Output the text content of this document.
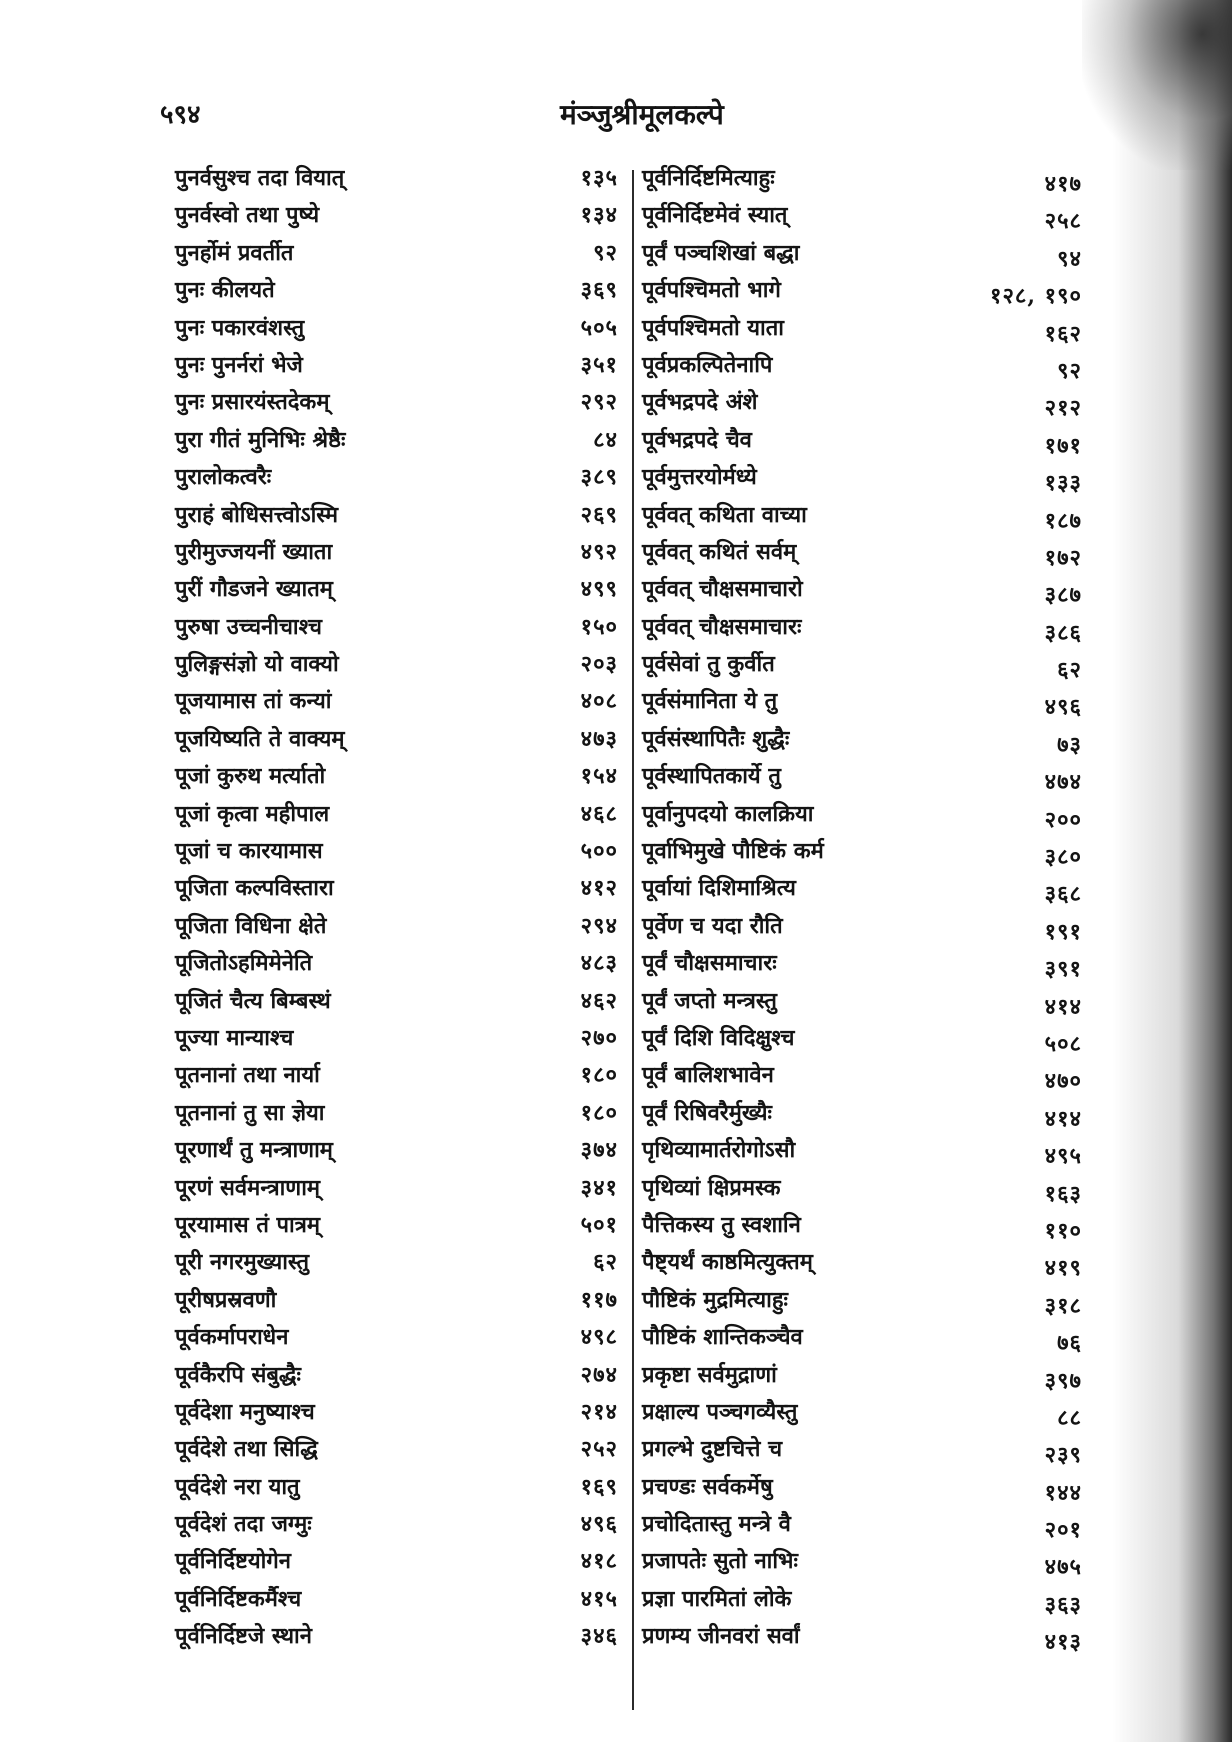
५९४	मंञ्जुश्रीमूलकल्पे
पुनर्वसुश्च तदा वियात्	१३५
पुनर्वस्वो तथा पुष्ये	१३४
पुनर्होमं प्रवर्तीत	९२
पुनः कीलयते	३६९
पुनः पकारवंशस्तु	५०५
पुनः पुनर्नरां भेजे	३५१
पुनः प्रसारयंस्तदेकम्	२९२
पुरा गीतं मुनिभिः श्रेष्ठैः	८४
पुरालोकत्वरैः	३८९
पुराहं बोधिसत्त्वोऽस्मि	२६९
पुरीमुज्जयनीं ख्याता	४९२
पुरीं गौडजने ख्यातम्	४९९
पुरुषा उच्चनीचाश्च	१५०
पुलिङ्गसंज्ञो यो वाक्यो	२०३
पूजयामास तां कन्यां	४०८
पूजयिष्यति ते वाक्यम्	४७३
पूजां कुरुथ मर्त्यातो	१५४
पूजां कृत्वा महीपाल	४६८
पूजां च कारयामास	५००
पूजिता कल्पविस्तारा	४१२
पूजिता विधिना क्षेते	२९४
पूजितोऽहमिमेनेति	४८३
पूजितं चैत्य बिम्बस्थं	४६२
पूज्या मान्याश्च	२७०
पूतनानां तथा नार्या	१८०
पूतनानां तु सा ज्ञेया	१८०
पूरणार्थं तु मन्त्राणाम्	३७४
पूरणं सर्वमन्त्राणाम्	३४१
पूरयामास तं पात्रम्	५०१
पूरी नगरमुख्यास्तु	६२
पूरीषप्रस्रवणौ	११७
पूर्वकर्मापराधेन	४९८
पूर्वकैरपि संबुद्धैः	२७४
पूर्वदेशा मनुष्याश्च	२१४
पूर्वदेशे तथा सिद्धि	२५२
पूर्वदेशे नरा यातु	१६९
पूर्वदेशं तदा जग्मुः	४९६
पूर्वनिर्दिष्टयोगेन	४१८
पूर्वनिर्दिष्टकर्मैश्च	४१५
पूर्वनिर्दिष्टजे स्थाने	३४६
पूर्वनिर्दिष्टमित्याहुः	४१७
पूर्वनिर्दिष्टमेवं स्यात्	२५८
पूर्वं पञ्चशिखां बद्धा	९४
पूर्वपश्चिमतो भागे	१२८, १९०
पूर्वपश्चिमतो याता	१६२
पूर्वप्रकल्पितेनापि	९२
पूर्वभद्रपदे अंशे	२१२
पूर्वभद्रपदे चैव	१७१
पूर्वमुत्तरयोर्मध्ये	१३३
पूर्ववत् कथिता वाच्या	१८७
पूर्ववत् कथितं सर्वम्	१७२
पूर्ववत् चौक्षसमाचारो	३८७
पूर्ववत् चौक्षसमाचारः	३८६
पूर्वसेवां तु कुर्वीत	६२
पूर्वसंमानिता ये तु	४९६
पूर्वसंस्थापितैः शुद्धैः	७३
पूर्वस्थापितकार्ये तु	४७४
पूर्वानुपदयो कालक्रिया	२००
पूर्वाभिमुखे पौष्टिकं कर्म	३८०
पूर्वायां दिशिमाश्रित्य	३६८
पूर्वेण च यदा रौति	१९१
पूर्वं चौक्षसमाचारः	३९१
पूर्वं जप्तो मन्त्रस्तु	४१४
पूर्वं दिशि विदिक्षुश्च	५०८
पूर्वं बालिशभावेन	४७०
पूर्वं रिषिवरैर्मुख्यैः	४१४
पृथिव्यामार्तरोगोऽसौ	४९५
पृथिव्यां क्षिप्रमस्क	१६३
पैत्तिकस्य तु स्वशानि	११०
पैष्ट्यर्थं काष्ठमित्युक्तम्	४१९
पौष्टिकं मुद्रमित्याहुः	३१८
पौष्टिकं शान्तिकञ्चैव	७६
प्रकृष्टा सर्वमुद्राणां	३९७
प्रक्षाल्य पञ्चगव्यैस्तु	८८
प्रगल्भे दुष्टचित्ते च	२३९
प्रचण्डः सर्वकर्मेषु	१४४
प्रचोदितास्तु मन्त्रे वै	२०१
प्रजापतेः सुतो नाभिः	४७५
प्रज्ञा पारमितां लोके	३६३
प्रणम्य जीनवरां सर्वां	४१३
